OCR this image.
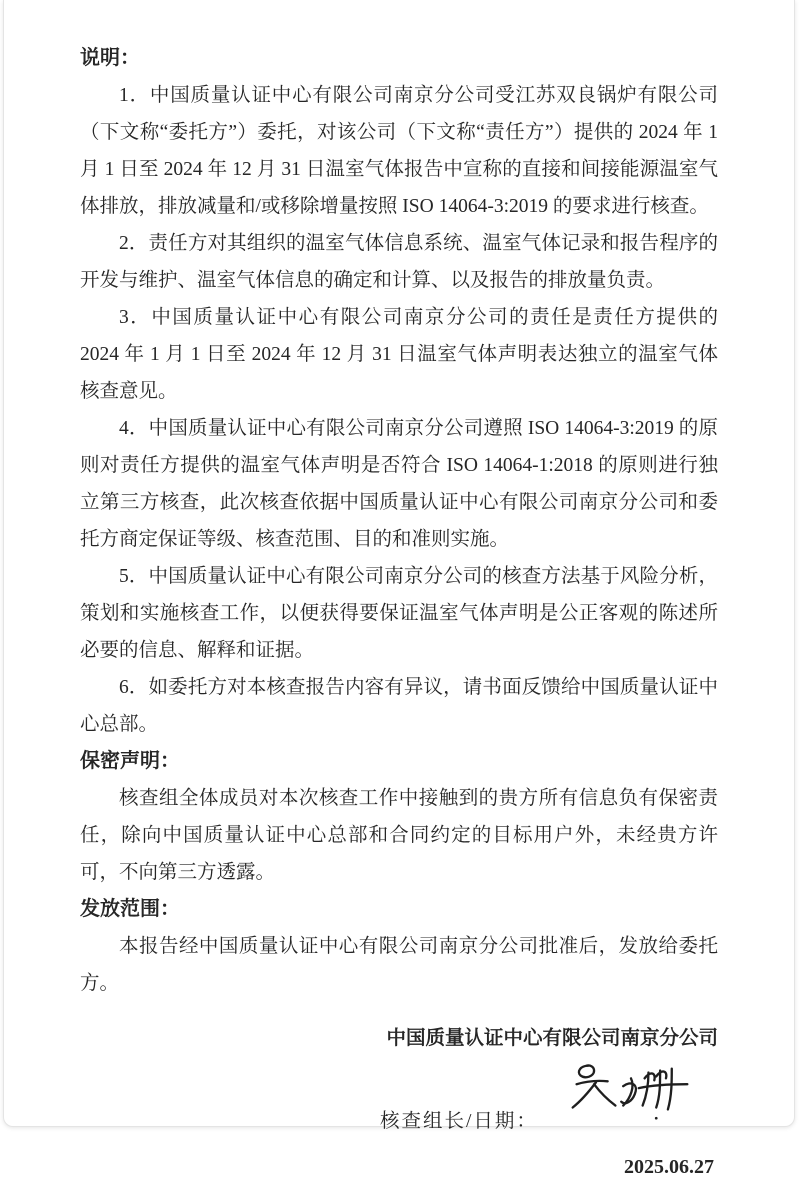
说明：

1．中国质量认证中心有限公司南京分公司受江苏双良锅炉有限公司（下文称“委托方”）委托，对该公司（下文称“责任方”）提供的 2024 年 1 月 1 日至 2024 年 12 月 31 日温室气体报告中宣称的直接和间接能源温室气体排放，排放减量和/或移除增量按照 ISO 14064-3:2019 的要求进行核查。

2．责任方对其组织的温室气体信息系统、温室气体记录和报告程序的开发与维护、温室气体信息的确定和计算、以及报告的排放量负责。

3．中国质量认证中心有限公司南京分公司的责任是责任方提供的 2024 年 1 月 1 日至 2024 年 12 月 31 日温室气体声明表达独立的温室气体核查意见。

4．中国质量认证中心有限公司南京分公司遵照 ISO 14064-3:2019 的原则对责任方提供的温室气体声明是否符合 ISO 14064-1:2018 的原则进行独立第三方核查，此次核查依据中国质量认证中心有限公司南京分公司和委托方商定保证等级、核查范围、目的和准则实施。

5．中国质量认证中心有限公司南京分公司的核查方法基于风险分析，策划和实施核查工作，以便获得要保证温室气体声明是公正客观的陈述所必要的信息、解释和证据。

6．如委托方对本核查报告内容有异议，请书面反馈给中国质量认证中心总部。

保密声明：

核查组全体成员对本次核查工作中接触到的贵方所有信息负有保密责任，除向中国质量认证中心总部和合同约定的目标用户外，未经贵方许可，不向第三方透露。

发放范围：

本报告经中国质量认证中心有限公司南京分公司批准后，发放给委托方。

中国质量认证中心有限公司南京分公司
核查组长/日期：
2025.06.27
